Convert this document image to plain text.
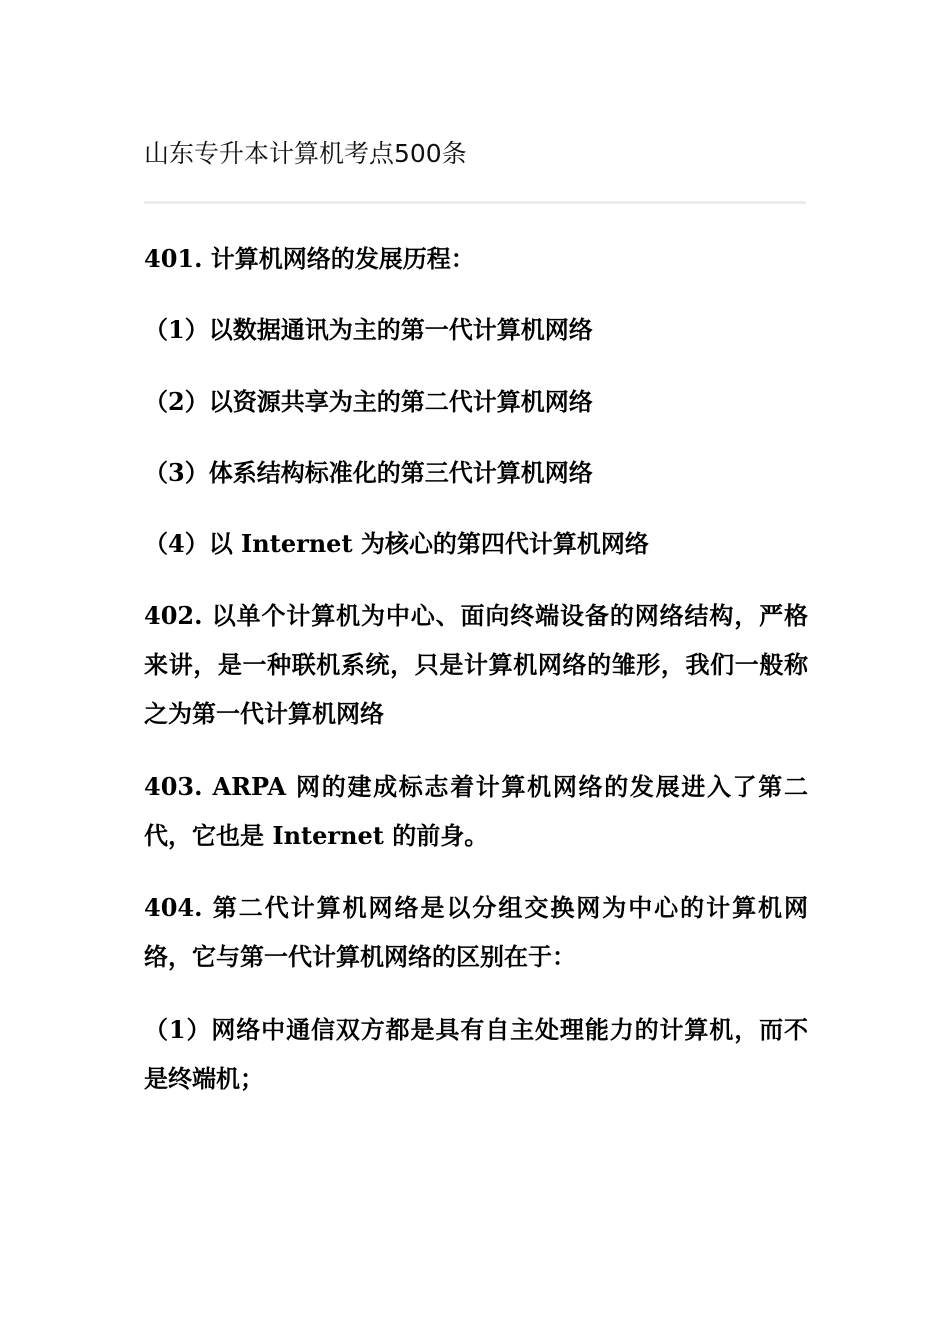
山东专升本计算机考点500条

401. 计算机网络的发展历程：

（1）以数据通讯为主的第一代计算机网络

（2）以资源共享为主的第二代计算机网络

（3）体系结构标准化的第三代计算机网络

（4）以 Internet 为核心的第四代计算机网络

402. 以单个计算机为中心、面向终端设备的网络结构，严格来讲，是一种联机系统，只是计算机网络的雏形，我们一般称之为第一代计算机网络

403. ARPA 网的建成标志着计算机网络的发展进入了第二代，它也是 Internet 的前身。

404. 第二代计算机网络是以分组交换网为中心的计算机网络，它与第一代计算机网络的区别在于：

（1）网络中通信双方都是具有自主处理能力的计算机，而不是终端机；
